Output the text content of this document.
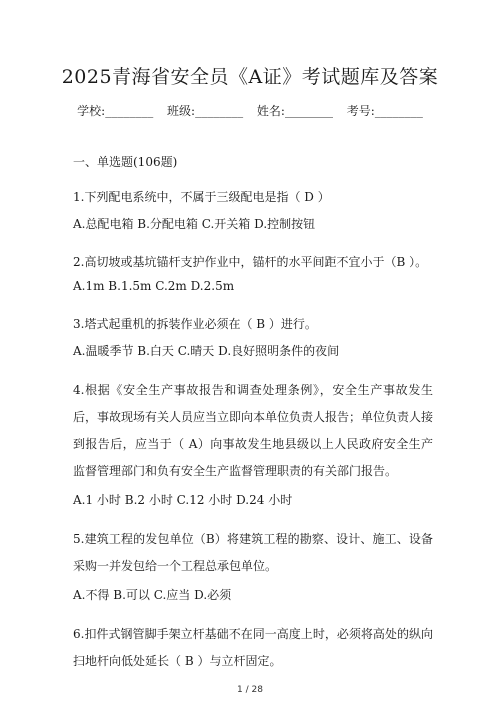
2025青海省安全员《A证》考试题库及答案
学校:________ 班级:________ 姓名:________ 考号:________

一、单选题(106题)

1.下列配电系统中，不属于三级配电是指（ D ）

A.总配电箱 B.分配电箱 C.开关箱 D.控制按钮

2.高切坡或基坑锚杆支护作业中，锚杆的水平间距不宜小于（B ）。

A.1m B.1.5m C.2m D.2.5m

3.塔式起重机的拆装作业必须在（ B ）进行。

A.温暖季节 B.白天 C.晴天 D.良好照明条件的夜间

4.根据《安全生产事故报告和调查处理条例》，安全生产事故发生后，事故现场有关人员应当立即向本单位负责人报告；单位负责人接到报告后，应当于（ A）向事故发生地县级以上人民政府安全生产监督管理部门和负有安全生产监督管理职责的有关部门报告。

A.1 小时 B.2 小时 C.12 小时 D.24 小时

5.建筑工程的发包单位（B）将建筑工程的勘察、设计、施工、设备采购一并发包给一个工程总承包单位。

A.不得 B.可以 C.应当 D.必须

6.扣件式钢管脚手架立杆基础不在同一高度上时，必须将高处的纵向扫地杆向低处延长（ B ）与立杆固定。

1 / 28
